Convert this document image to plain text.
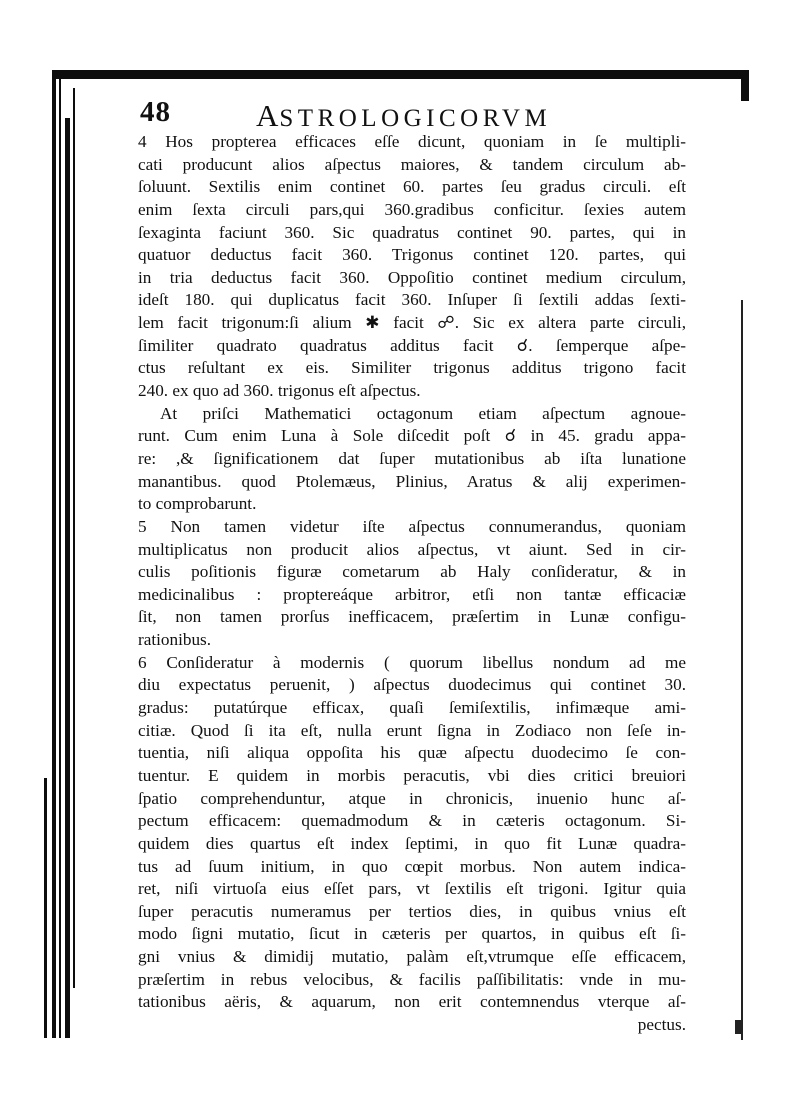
48	ASTROLOGICORVM
4 Hos propterea efficaces eſſe dicunt, quoniam in ſe multipli-
cati producunt alios aſpectus maiores, & tandem circulum ab-
ſoluunt. Sextilis enim continet 60. partes ſeu gradus circuli. eſt
enim ſexta circuli pars,qui 360.gradibus conficitur. ſexies autem
ſexaginta faciunt 360. Sic quadratus continet 90. partes, qui in
quatuor deductus facit 360. Trigonus continet 120. partes, qui
in tria deductus facit 360. Oppoſitio continet medium circulum,
ideſt 180. qui duplicatus facit 360. Inſuper ſi ſextili addas ſexti-
lem facit trigonum:ſi alium ✱ facit ☍. Sic ex altera parte circuli,
ſimiliter quadrato quadratus additus facit ☌. ſemperque aſpe-
ctus reſultant ex eis. Similiter trigonus additus trigono facit
240. ex quo ad 360. trigonus eſt aſpectus.
At priſci Mathematici octagonum etiam aſpectum agnoue-
runt. Cum enim Luna à Sole diſcedit poſt ☌ in 45. gradu appa-
re: ,& ſignificationem dat ſuper mutationibus ab iſta lunatione
manantibus. quod Ptolemæus, Plinius, Aratus & alij experimen-
to comprobarunt.
5 Non tamen videtur iſte aſpectus connumerandus, quoniam
multiplicatus non producit alios aſpectus, vt aiunt. Sed in cir-
culis poſitionis figuræ cometarum ab Haly conſideratur, & in
medicinalibus : proptereáque arbitror, etſi non tantæ efficaciæ
ſit, non tamen prorſus inefficacem, præſertim in Lunæ configu-
rationibus.
6 Conſideratur à modernis ( quorum libellus nondum ad me
diu expectatus peruenit, ) aſpectus duodecimus qui continet 30.
gradus: putatúrque efficax, quaſi ſemiſextilis, infimæque ami-
citiæ. Quod ſi ita eſt, nulla erunt ſigna in Zodiaco non ſeſe in-
tuentia, niſi aliqua oppoſita his quæ aſpectu duodecimo ſe con-
tuentur. E quidem in morbis peracutis, vbi dies critici breuiori
ſpatio comprehenduntur, atque in chronicis, inuenio hunc aſ-
pectum efficacem: quemadmodum & in cæteris octagonum. Si-
quidem dies quartus eſt index ſeptimi, in quo fit Lunæ quadra-
tus ad ſuum initium, in quo cœpit morbus. Non autem indica-
ret, niſi virtuoſa eius eſſet pars, vt ſextilis eſt trigoni. Igitur quia
ſuper peracutis numeramus per tertios dies, in quibus vnius eſt
modo ſigni mutatio, ſicut in cæteris per quartos, in quibus eſt ſi-
gni vnius & dimidij mutatio, palàm eſt,vtrumque eſſe efficacem,
præſertim in rebus velocibus, & facilis paſſibilitatis: vnde in mu-
tationibus aëris, & aquarum, non erit contemnendus vterque aſ-
pectus.
